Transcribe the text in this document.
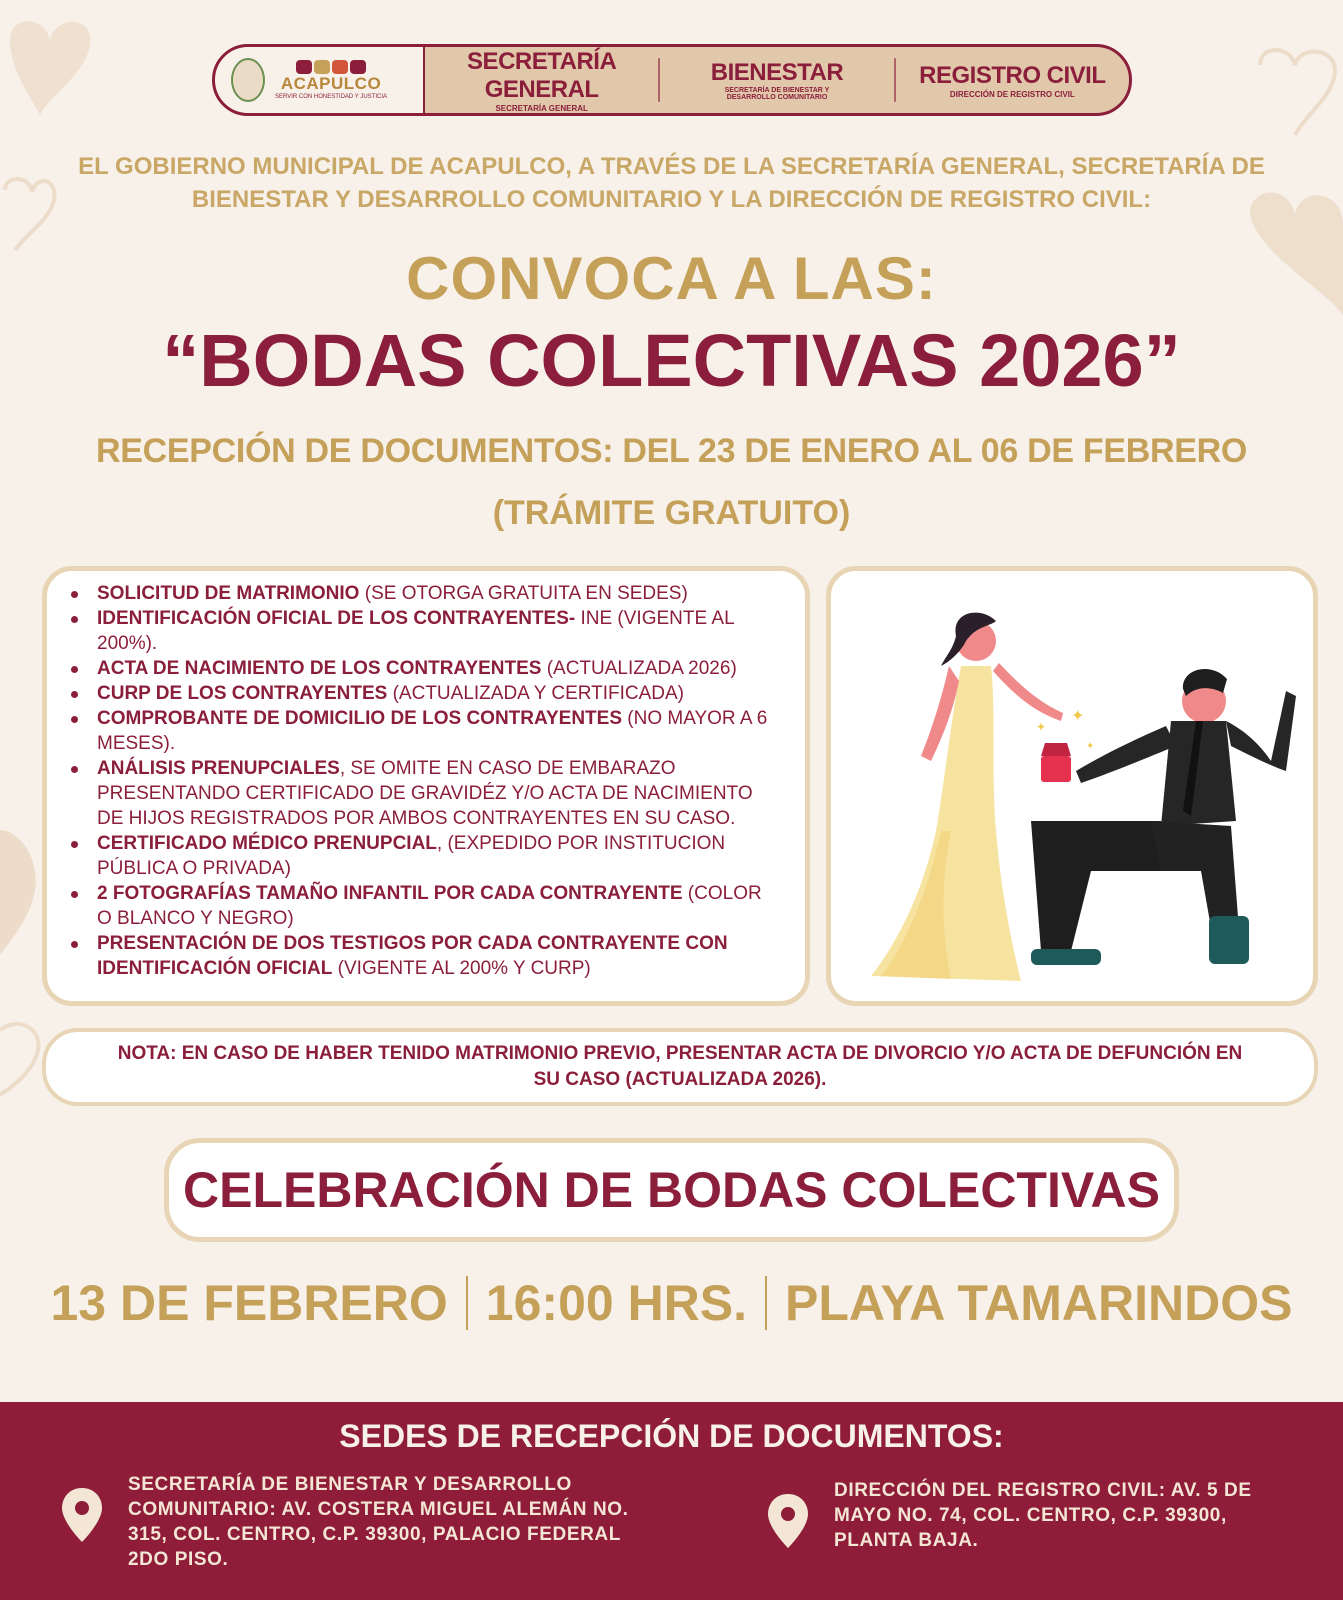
ACAPULCO
SERVIR CON HONESTIDAD Y JUSTICIA
SECRETARÍA GENERAL
SECRETARÍA GENERAL
BIENESTAR
SECRETARÍA DE BIENESTAR Y DESARROLLO COMUNITARIO
REGISTRO CIVIL
DIRECCIÓN DE REGISTRO CIVIL
EL GOBIERNO MUNICIPAL DE ACAPULCO, A TRAVÉS DE LA SECRETARÍA GENERAL, SECRETARÍA DE BIENESTAR Y DESARROLLO COMUNITARIO Y LA DIRECCIÓN DE REGISTRO CIVIL:
CONVOCA A LAS:
“BODAS COLECTIVAS 2026”
RECEPCIÓN DE DOCUMENTOS: DEL 23 DE ENERO AL 06 DE FEBRERO
(TRÁMITE GRATUITO)
SOLICITUD DE MATRIMONIO (SE OTORGA GRATUITA EN SEDES)
IDENTIFICACIÓN OFICIAL DE LOS CONTRAYENTES- INE (VIGENTE AL 200%).
ACTA DE NACIMIENTO DE LOS CONTRAYENTES (ACTUALIZADA 2026)
CURP DE LOS CONTRAYENTES (ACTUALIZADA Y CERTIFICADA)
COMPROBANTE DE DOMICILIO DE LOS CONTRAYENTES (NO MAYOR A 6 MESES).
ANÁLISIS PRENUPCIALES, SE OMITE EN CASO DE EMBARAZO PRESENTANDO CERTIFICADO DE GRAVIDÉZ Y/O ACTA DE NACIMIENTO DE HIJOS REGISTRADOS POR AMBOS CONTRAYENTES EN SU CASO.
CERTIFICADO MÉDICO PRENUPCIAL, (EXPEDIDO POR INSTITUCION PÚBLICA O PRIVADA)
2 FOTOGRAFÍAS TAMAÑO INFANTIL POR CADA CONTRAYENTE (COLOR O BLANCO Y NEGRO)
PRESENTACIÓN DE DOS TESTIGOS POR CADA CONTRAYENTE CON IDENTIFICACIÓN OFICIAL (VIGENTE AL 200% Y CURP)
✦
✦
✦
NOTA: EN CASO DE HABER TENIDO MATRIMONIO PREVIO, PRESENTAR ACTA DE DIVORCIO Y/O ACTA DE DEFUNCIÓN EN SU CASO (ACTUALIZADA 2026).
CELEBRACIÓN DE BODAS COLECTIVAS
13 DE FEBRERO 16:00 HRS. PLAYA TAMARINDOS
SEDES DE RECEPCIÓN DE DOCUMENTOS:
SECRETARÍA DE BIENESTAR Y DESARROLLO COMUNITARIO: AV. COSTERA MIGUEL ALEMÁN NO. 315, COL. CENTRO, C.P. 39300, PALACIO FEDERAL 2DO PISO.
DIRECCIÓN DEL REGISTRO CIVIL: AV. 5 DE MAYO NO. 74, COL. CENTRO, C.P. 39300, PLANTA BAJA.
